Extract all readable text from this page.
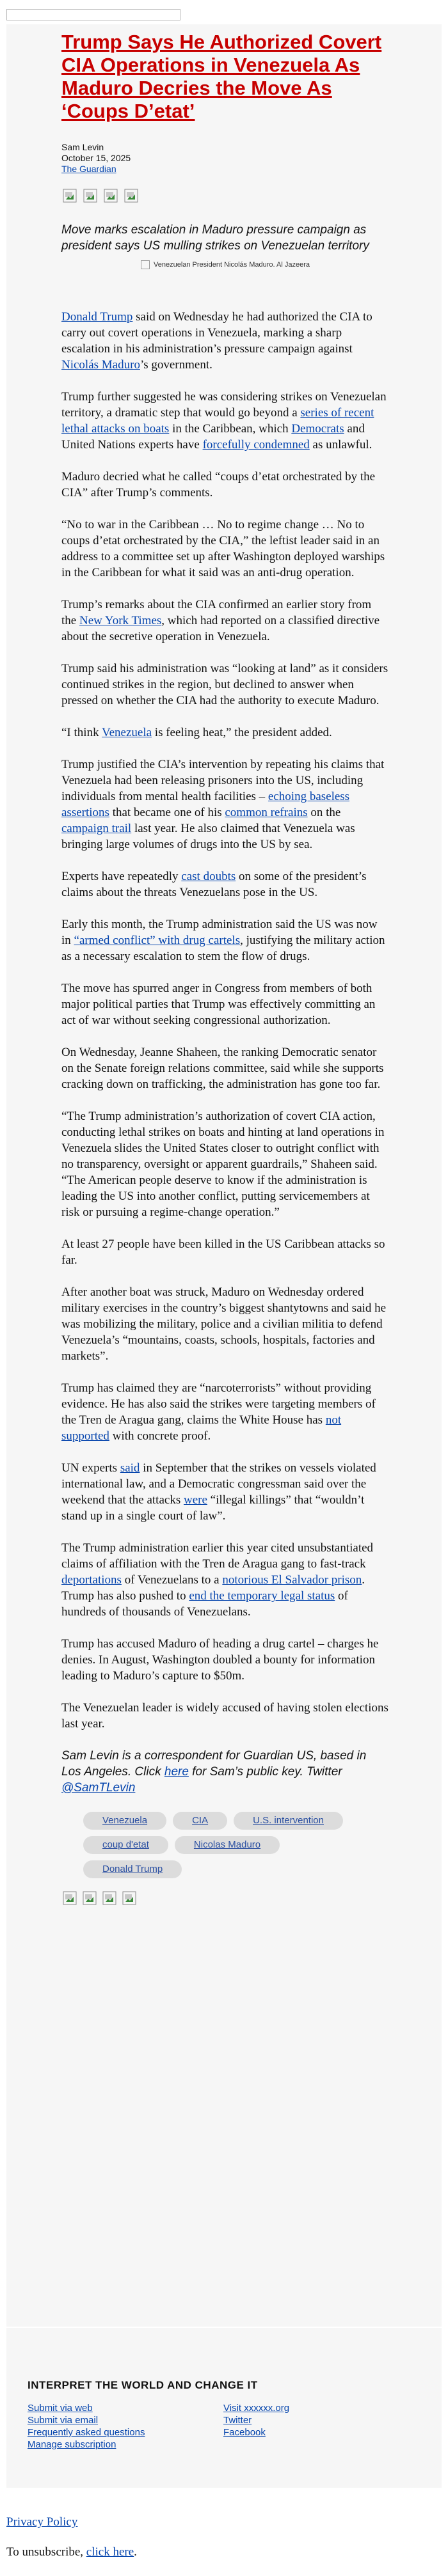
Trump Says He Authorized Covert CIA Operations in Venezuela As Maduro Decries the Move As ‘Coups D’etat’
Sam Levin
October 15, 2025
The Guardian

Move marks escalation in Maduro pressure campaign as president says US mulling strikes on Venezuelan territory

Venezuelan President Nicolás Maduro. Al Jazeera

Donald Trump said on Wednesday he had authorized the CIA to carry out covert operations in Venezuela, marking a sharp escalation in his administration’s pressure campaign against Nicolás Maduro’s government.

Trump further suggested he was considering strikes on Venezuelan territory, a dramatic step that would go beyond a series of recent lethal attacks on boats in the Caribbean, which Democrats and United Nations experts have forcefully condemned as unlawful.

Maduro decried what he called “coups d’etat orchestrated by the CIA” after Trump’s comments.

“No to war in the Caribbean … No to regime change … No to coups d’etat orchestrated by the CIA,” the leftist leader said in an address to a committee set up after Washington deployed warships in the Caribbean for what it said was an anti-drug operation.

Trump’s remarks about the CIA confirmed an earlier story from the New York Times, which had reported on a classified directive about the secretive operation in Venezuela.

Trump said his administration was “looking at land” as it considers continued strikes in the region, but declined to answer when pressed on whether the CIA had the authority to execute Maduro.

“I think Venezuela is feeling heat,” the president added.

Trump justified the CIA’s intervention by repeating his claims that Venezuela had been releasing prisoners into the US, including individuals from mental health facilities – echoing baseless assertions that became one of his common refrains on the campaign trail last year. He also claimed that Venezuela was bringing large volumes of drugs into the US by sea.

Experts have repeatedly cast doubts on some of the president’s claims about the threats Venezuelans pose in the US.

Early this month, the Trump administration said the US was now in “armed conflict” with drug cartels, justifying the military action as a necessary escalation to stem the flow of drugs.

The move has spurred anger in Congress from members of both major political parties that Trump was effectively committing an act of war without seeking congressional authorization.

On Wednesday, Jeanne Shaheen, the ranking Democratic senator on the Senate foreign relations committee, said while she supports cracking down on trafficking, the administration has gone too far.

“The Trump administration’s authorization of covert CIA action, conducting lethal strikes on boats and hinting at land operations in Venezuela slides the United States closer to outright conflict with no transparency, oversight or apparent guardrails,” Shaheen said. “The American people deserve to know if the administration is leading the US into another conflict, putting servicemembers at risk or pursuing a regime-change operation.”

At least 27 people have been killed in the US Caribbean attacks so far.

After another boat was struck, Maduro on Wednesday ordered military exercises in the country’s biggest shantytowns and said he was mobilizing the military, police and a civilian militia to defend Venezuela’s “mountains, coasts, schools, hospitals, factories and markets”.

Trump has claimed they are “narcoterrorists” without providing evidence. He has also said the strikes were targeting members of the Tren de Aragua gang, claims the White House has not supported with concrete proof.

UN experts said in September that the strikes on vessels violated international law, and a Democratic congressman said over the weekend that the attacks were “illegal killings” that “wouldn’t stand up in a single court of law”.

The Trump administration earlier this year cited unsubstantiated claims of affiliation with the Tren de Aragua gang to fast-track deportations of Venezuelans to a notorious El Salvador prison. Trump has also pushed to end the temporary legal status of hundreds of thousands of Venezuelans.

Trump has accused Maduro of heading a drug cartel – charges he denies. In August, Washington doubled a bounty for information leading to Maduro’s capture to $50m.

The Venezuelan leader is widely accused of having stolen elections last year.

Sam Levin is a correspondent for Guardian US, based in Los Angeles. Click here for Sam’s public key. Twitter @SamTLevin

Venezuela	CIA	U.S. intervention
coup d'etat	Nicolas Maduro
Donald Trump
INTERPRET THE WORLD AND CHANGE IT
Submit via web
Submit via email
Frequently asked questions
Manage subscription
Visit xxxxxx.org
Twitter
Facebook
Privacy Policy
To unsubscribe, click here.
